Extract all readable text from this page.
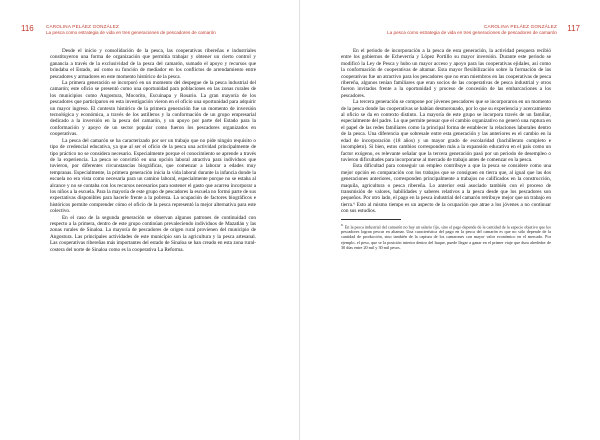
116	CAROLINA PELÁEZ GONZÁLEZ
La pesca como estrategia de vida en tres generaciones de pescadores de camarón

Desde el inicio y consolidación de la pesca, las cooperativas ribereñas e industriales constituyeron una forma de organización que permitía trabajar y obtener un cierto control y ganancia a través de la exclusividad de la pesca del camarón, sumado el apoyo y recursos que brindaba el Estado, así como su función de mediador en los conflictos de arrendamiento entre pescadores y armadores en este momento histórico de la pesca.

La primera generación se incorporó en un momento del despegue de la pesca industrial del camarón; este oficio se presentó como una oportunidad para poblaciones en las zonas rurales de los municipios como Angostura, Mocorito, Escuinapa y Rosario. La gran mayoría de los pescadores que participaron en esta investigación vieron en el oficio una oportunidad para adquirir un mayor ingreso. El contexto histórico de la primera generación fue un momento de inversión tecnológica y económica, a través de los astilleros y la conformación de un grupo empresarial dedicado a la inversión en la pesca del camarón, y un apoyo por parte del Estado para la conformación y apoyo de un sector popular como fueron los pescadores organizados en cooperativas.

La pesca del camarón se ha caracterizado por ser un trabajo que no pide ningún requisito o tipo de credencial educativa, ya que al ser el oficio de la pesca una actividad principalmente de tipo práctico no se considera necesario. Especialmente porque el conocimiento se aprende a través de la experiencia. La pesca se convirtió en una opción laboral atractiva para individuos que tuvieron, por diferentes circunstancias biográficas, que comenzar a laborar a edades muy tempranas. Especialmente, la primera generación inicia la vida laboral durante la infancia donde la escuela no era vista como necesaria para un camino laboral, especialmente porque no se estaba al alcance y no se contaba con los recursos necesarios para sostener el gasto que acarrea incorporar a los niños a la escuela. Para la mayoría de este grupo de pescadores la escuela no formó parte de sus expectativas disponibles para hacerle frente a la pobreza. La ocupación de factores biográficos e históricos permite comprender cómo el oficio de la pesca representó la mejor alternativa para este colectivo.

En el caso de la segunda generación se observan algunos patrones de continuidad con respecto a la primera, dentro de este grupo continúan prevaleciendo individuos de Mazatlán y las zonas rurales de Sinaloa. La mayoría de pescadores de origen rural provienen del municipio de Angostura. Las principales actividades de este municipio son la agricultura y la pesca artesanal. Las cooperativas ribereñas más importantes del estado de Sinaloa se han creado en esta zona rural-costera del norte de Sinaloa como es la cooperativa La Reforma.

117
CAROLINA PELÁEZ GONZÁLEZ
La pesca como estrategia de vida en tres generaciones de pescadores de camarón

En el periodo de incorporación a la pesca de esta generación, la actividad pesquera recibió entre los gobiernos de Echeverría y López Portillo su mayor inversión. Durante este periodo se modificó la Ley de Pesca y hubo un mayor acceso y apoyo para las cooperativas ejidales, así como la conformación de cooperativas de altamar. Esta mayor flexibilización sobre la formación de las cooperativas fue un atractivo para los pescadores que no eran miembros en las cooperativas de pesca ribereña, algunos tenían familiares que eran socios de las cooperativas de pesca industrial y otros fueron invitados frente a la oportunidad y proceso de concesión de las embarcaciones a los pescadores.

La tercera generación se compone por jóvenes pescadores que se incorporaron en un momento de la pesca donde las cooperativas se habían desmoronado, por lo que su experiencia y acercamiento al oficio se da en contexto distinto. La mayoría de este grupo se incorpora través de un familiar, especialmente del padre. Lo que permite pensar que el cambio organizativo no generó una ruptura en el papel de las redes familiares como la principal forma de establecer la relaciones laborales dentro de la pesca. Una diferencia que sobresale entre esta generación y las anteriores es el cambio en la edad de incorporación (18 años) y un mayor grado de escolaridad (bachillerato completo e incompleto). Si bien, estos cambios corresponden más a la expansión educativa en el país como un factor exógeno, es relevante señalar que la tercera generación pasó por un periodo de desempleo o tuvieron dificultades para incorporarse al mercado de trabajo antes de comenzar en la pesca.

Esta dificultad para conseguir un empleo contribuye a que la pesca se considere como una mejor opción en comparación con los trabajos que se consiguen en tierra que, al igual que las dos generaciones anteriores, corresponden principalmente a trabajos no calificados en la construcción, maquila, agricultura o pesca ribereña. Lo anterior está asociado también con el proceso de transmisión de valores, habilidades y saberes relativos a la pesca desde que los pescadores son pequeños. Por otro lado, el pago en la pesca industrial del camarón retribuye mejor que un trabajo en tierra.⁶ Esto al mismo tiempo es un aspecto de la ocupación que atrae a los jóvenes a no continuar con sus estudios.

$^6$ En la pesca industrial del camarón no hay un salario fijo, sino el pago depende de la cantidad de la especie objetivo que los pescadores logran pescar en altamar. Una característica del pago en la pesca del camarón es que no sólo depende de la cantidad de producción, sino también de la captura de los camarones con mayor valor económico en el mercado. Por ejemplo, el peso, que se la posición interior dentro del buque, puede llegar a ganar en el primer viaje que dura alrededor de 30 días entre 20 mil y 30 mil pesos.
